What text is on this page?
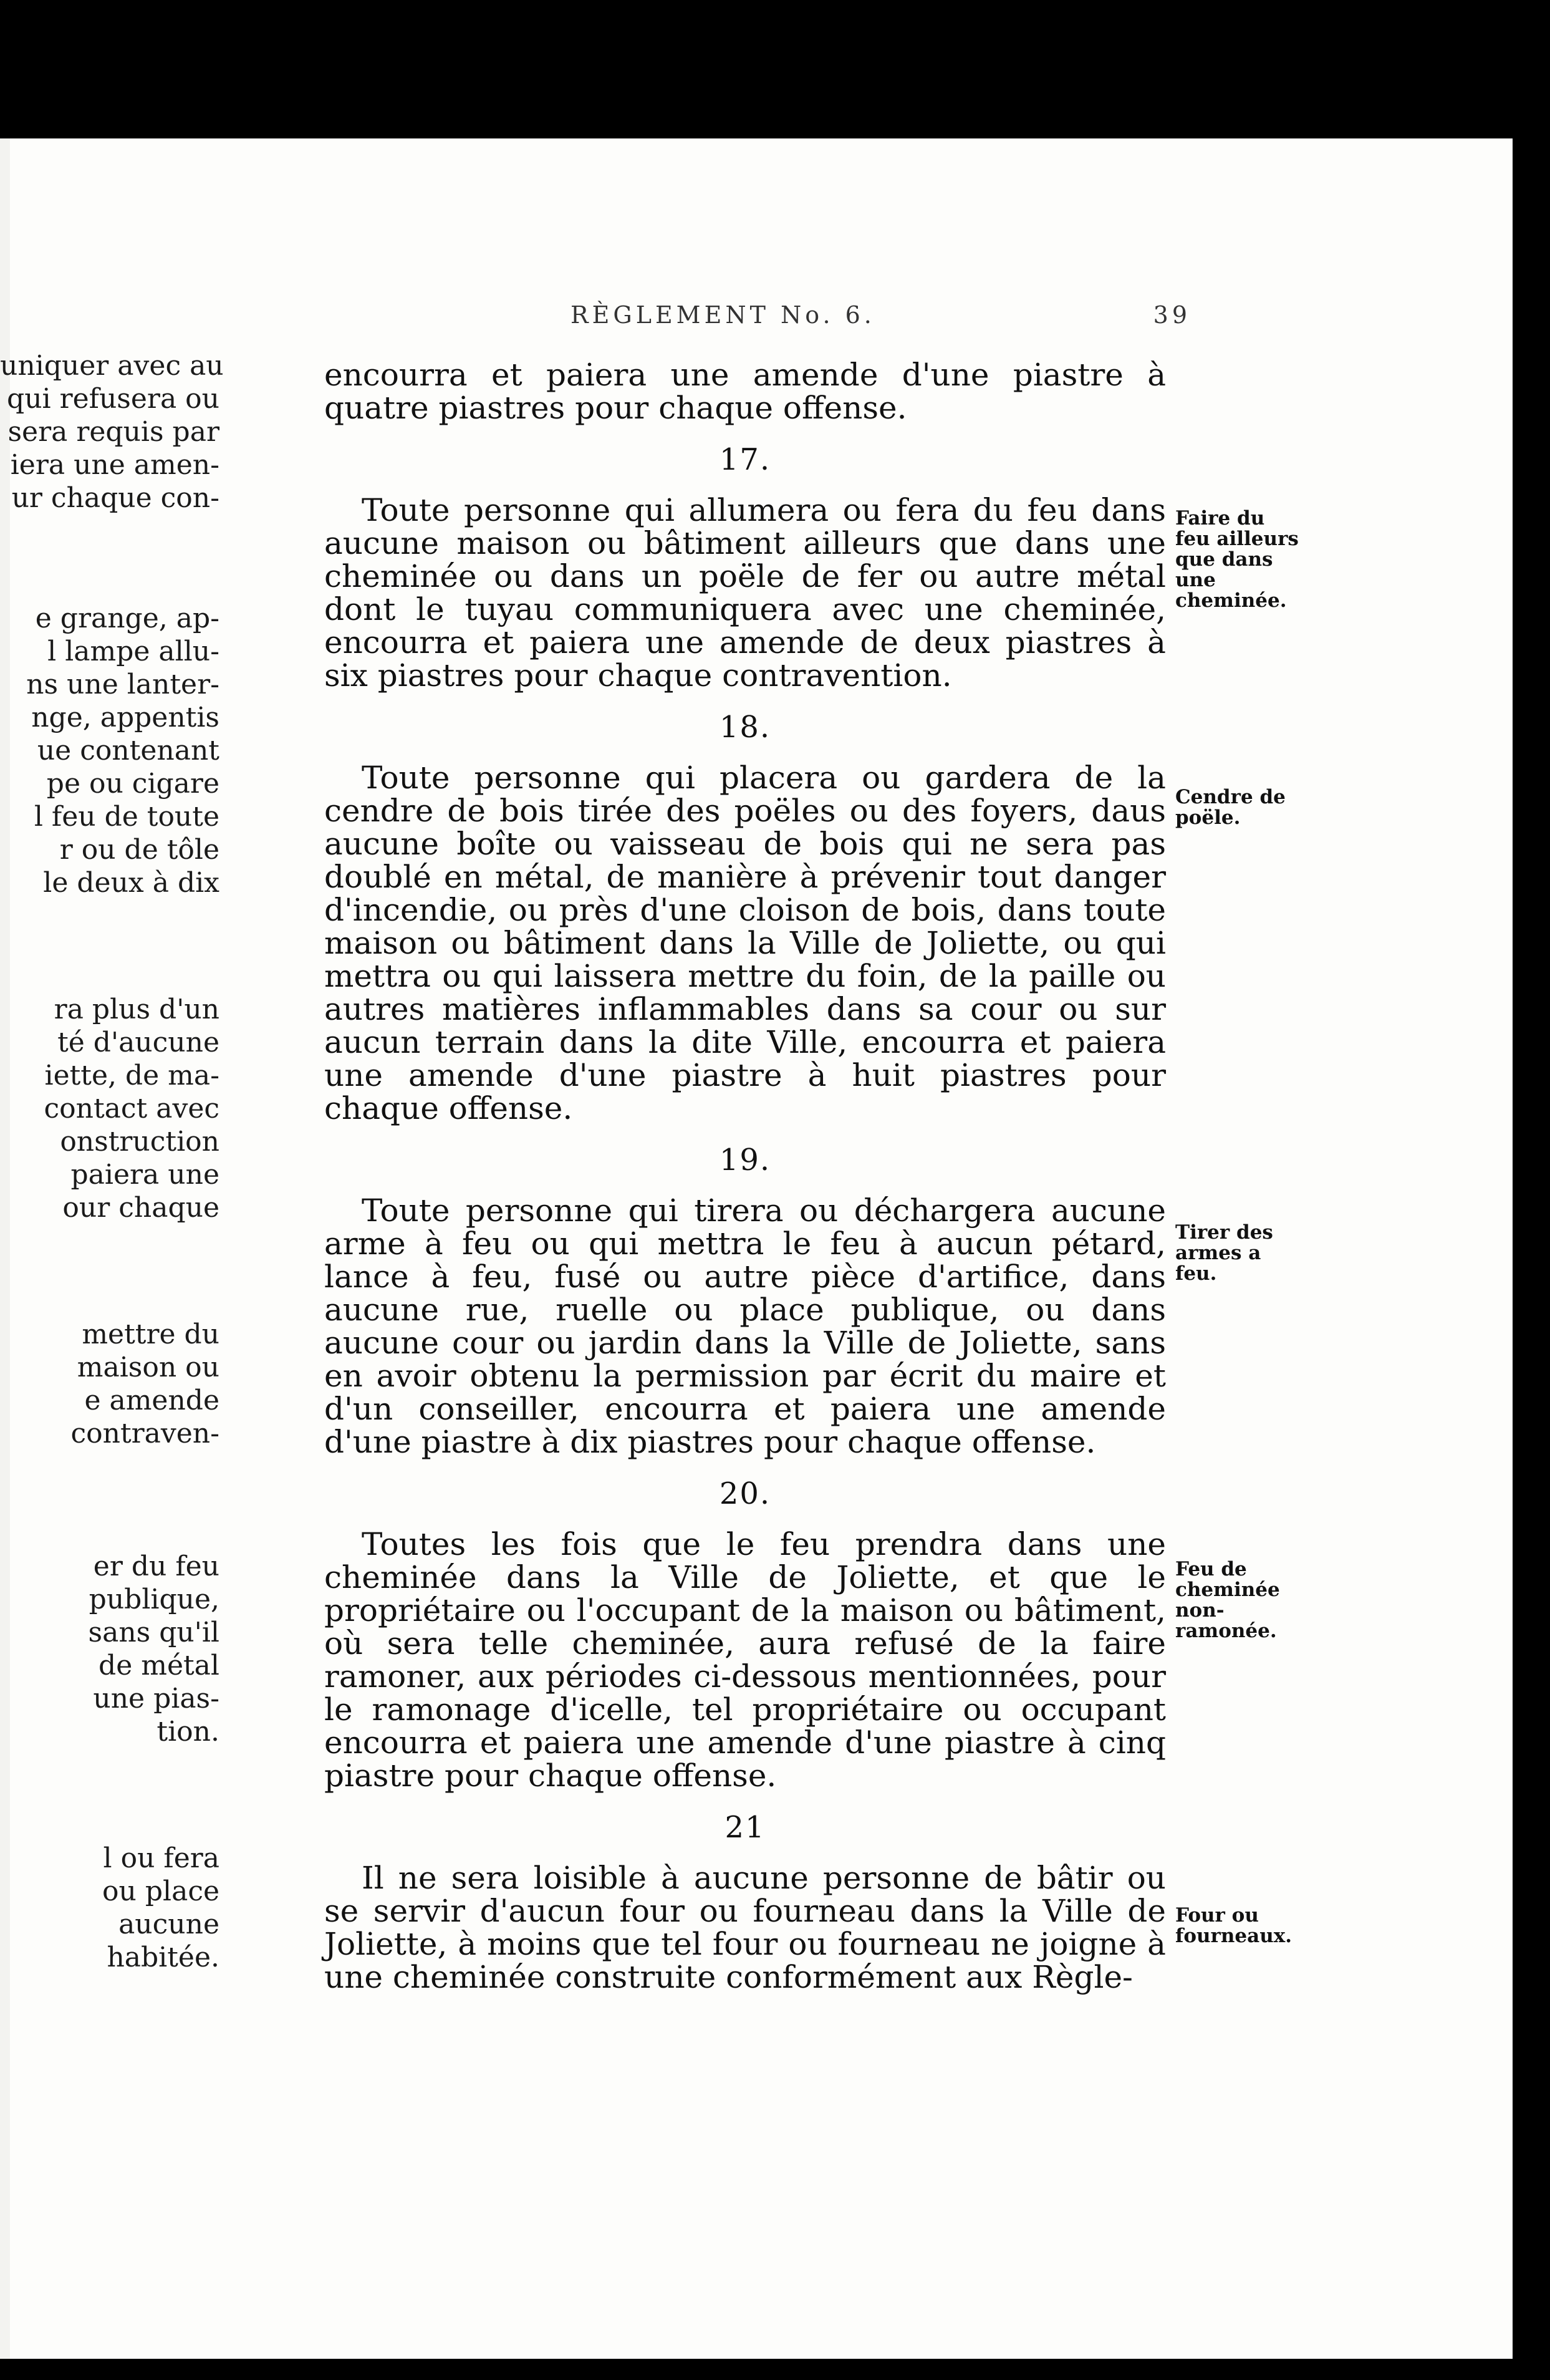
RÈGLEMENT No. 6.	39
uniquer avec au
qui refusera ou
sera requis par
iera une amen-
ur chaque con-
e grange, ap-
l lampe allu-
ns une lanter-
nge, appentis
ue contenant
pe ou cigare
l feu de toute
r ou de tôle
le deux à dix
ra plus d'un
té d'aucune
iette, de ma-
contact avec
onstruction
paiera une
our chaque
mettre du
maison ou
e amende
contraven-
er du feu
publique,
sans qu'il
de métal
une pias-
tion.
l ou fera
ou place
aucune
habitée.

encourra et paiera une amende d'une piastre à quatre piastres pour chaque offense.

17.

Toute personne qui allumera ou fera du feu dans aucune maison ou bâtiment ailleurs que dans une cheminée ou dans un poële de fer ou autre métal dont le tuyau communiquera avec une cheminée, encourra et paiera une amende de deux piastres à six piastres pour chaque contravention.

18.

Toute personne qui placera ou gardera de la cendre de bois tirée des poëles ou des foyers, daus aucune boîte ou vaisseau de bois qui ne sera pas doublé en métal, de manière à prévenir tout danger d'incendie, ou près d'une cloison de bois, dans toute maison ou bâtiment dans la Ville de Joliette, ou qui mettra ou qui laissera mettre du foin, de la paille ou autres matières inflammables dans sa cour ou sur aucun terrain dans la dite Ville, encourra et paiera une amende d'une piastre à huit piastres pour chaque offense.

19.

Toute personne qui tirera ou déchargera aucune arme à feu ou qui mettra le feu à aucun pétard, lance à feu, fusé ou autre pièce d'artifice, dans aucune rue, ruelle ou place publique, ou dans aucune cour ou jardin dans la Ville de Joliette, sans en avoir obtenu la permission par écrit du maire et d'un conseiller, encourra et paiera une amende d'une piastre à dix piastres pour chaque offense.

20.

Toutes les fois que le feu prendra dans une cheminée dans la Ville de Joliette, et que le propriétaire ou l'occupant de la maison ou bâtiment, où sera telle cheminée, aura refusé de la faire ramoner, aux périodes ci-dessous mentionnées, pour le ramonage d'icelle, tel propriétaire ou occupant encourra et paiera une amende d'une piastre à cinq piastre pour chaque offense.

21

Il ne sera loisible à aucune personne de bâtir ou se servir d'aucun four ou fourneau dans la Ville de Joliette, à moins que tel four ou fourneau ne joigne à une cheminée construite conformément aux Règle-

Faire du feu ailleurs que dans une cheminée.
Cendre de poële.
Tirer des armes a feu.
Feu de cheminée non-ramonée.
Four ou fourneaux.
